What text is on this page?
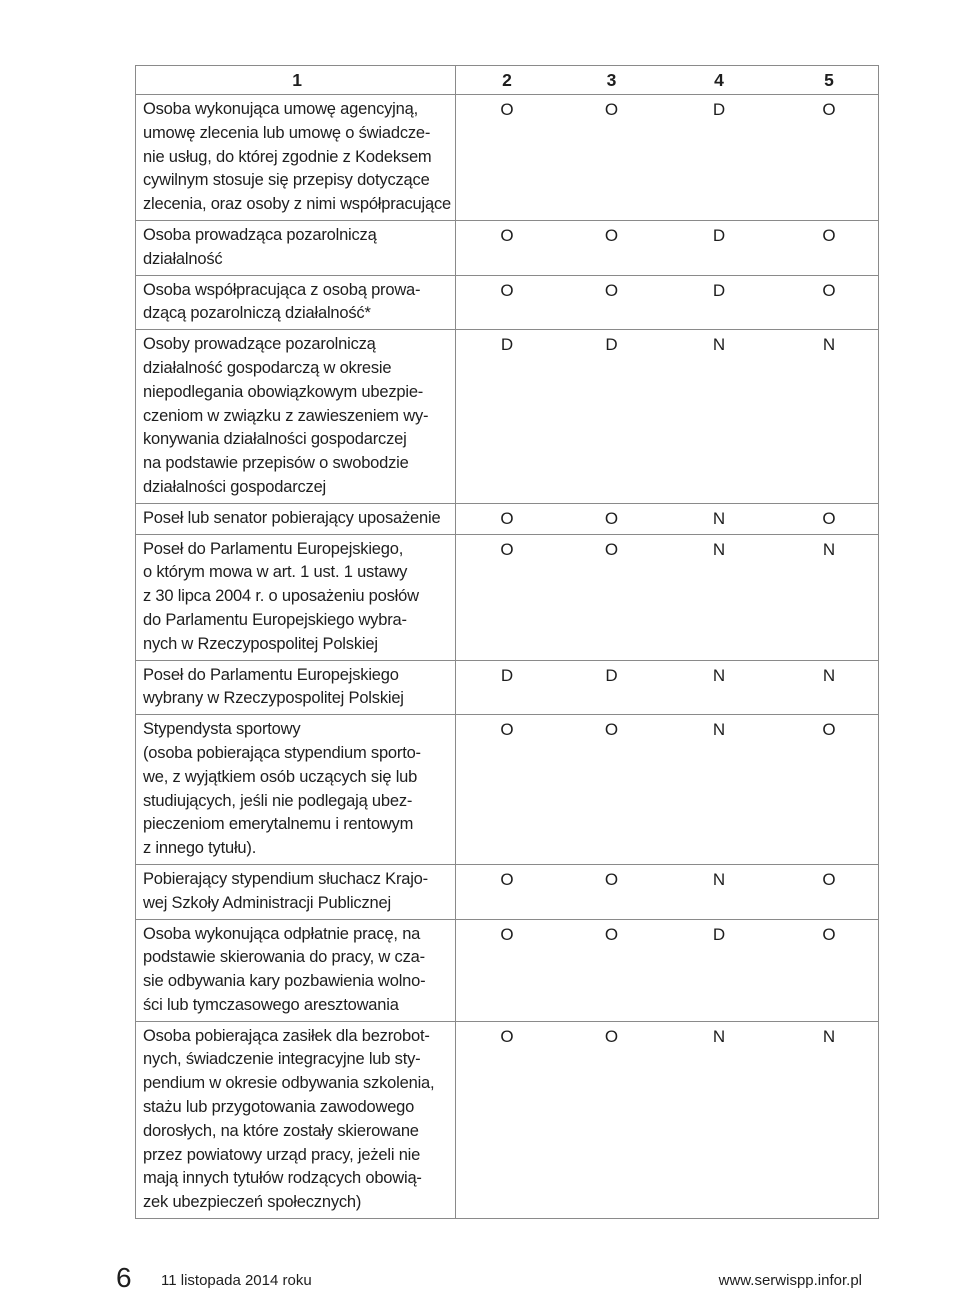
1	2	3	4	5
Osoba wykonująca umowę agencyjną,
umowę zlecenia lub umowę o świadcze-
nie usług, do której zgodnie z Kodeksem
cywilnym stosuje się przepisy dotyczące
zlecenia, oraz osoby z nimi współpracujące
O	O	D	O
Osoba prowadząca pozarolniczą
działalność
O	O	D	O
Osoba współpracująca z osobą prowa-
dzącą pozarolniczą działalność*
O	O	D	O
Osoby prowadzące pozarolniczą
działalność gospodarczą w okresie
niepodlegania obowiązkowym ubezpie-
czeniom w związku z zawieszeniem wy-
konywania działalności gospodarczej
na podstawie przepisów o swobodzie
działalności gospodarczej
D	D	N	N
Poseł lub senator pobierający uposażenie	O	O	N	O
Poseł do Parlamentu Europejskiego,
o którym mowa w art. 1 ust. 1 ustawy
z 30 lipca 2004 r. o uposażeniu posłów
do Parlamentu Europejskiego wybra-
nych w Rzeczypospolitej Polskiej
O	O	N	N
Poseł do Parlamentu Europejskiego
wybrany w Rzeczypospolitej Polskiej
D	D	N	N
Stypendysta sportowy
(osoba pobierająca stypendium sporto-
we, z wyjątkiem osób uczących się lub
studiujących, jeśli nie podlegają ubez-
pieczeniom emerytalnemu i rentowym
z innego tytułu).
O	O	N	O
Pobierający stypendium słuchacz Krajo-
wej Szkoły Administracji Publicznej
O	O	N	O
Osoba wykonująca odpłatnie pracę, na
podstawie skierowania do pracy, w cza-
sie odbywania kary pozbawienia wolno-
ści lub tymczasowego aresztowania
O	O	D	O
Osoba pobierająca zasiłek dla bezrobot-
nych, świadczenie integracyjne lub sty-
pendium w okresie odbywania szkolenia,
stażu lub przygotowania zawodowego
dorosłych, na które zostały skierowane
przez powiatowy urząd pracy, jeżeli nie
mają innych tytułów rodzących obowią-
zek ubezpieczeń społecznych)
O	O	N	N
6 11 listopada 2014 roku	www.serwispp.infor.pl
